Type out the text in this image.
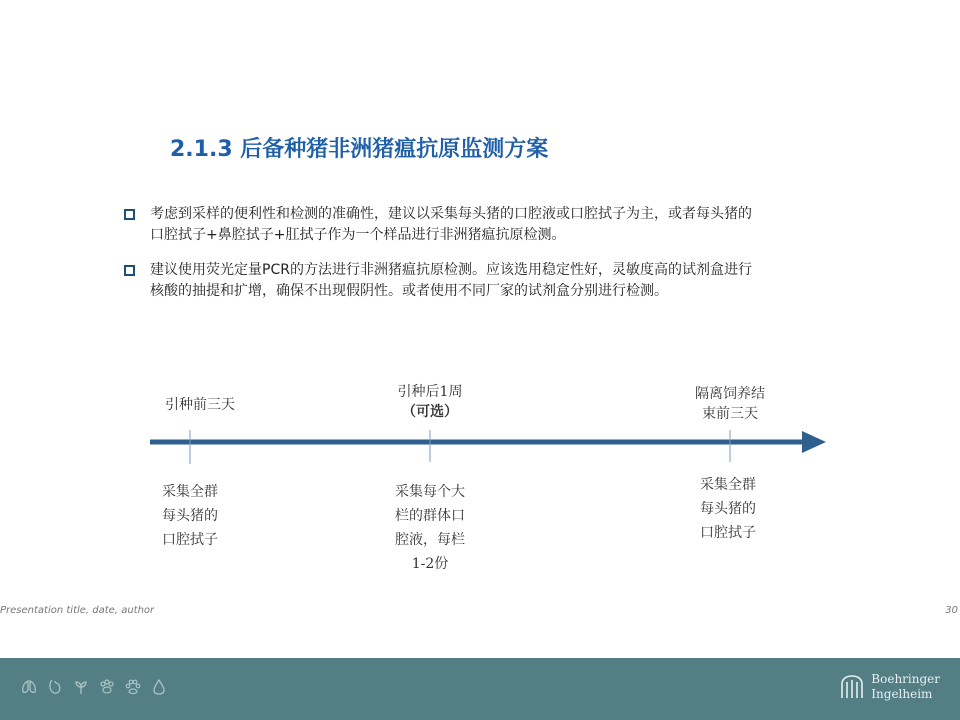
2.1.3 后备种猪非洲猪瘟抗原监测方案
考虑到采样的便利性和检测的准确性，建议以采集每头猪的口腔液或口腔拭子为主，或者每头猪的口腔拭子+鼻腔拭子+肛拭子作为一个样品进行非洲猪瘟抗原检测。
建议使用荧光定量PCR的方法进行非洲猪瘟抗原检测。应该选用稳定性好，灵敏度高的试剂盒进行核酸的抽提和扩增，确保不出现假阴性。或者使用不同厂家的试剂盒分别进行检测。
引种前三天
采集全群
每头猪的
口腔拭子
引种后1周
（可选）
采集每个大
栏的群体口
腔液，每栏
1-2份
隔离饲养结
束前三天
采集全群
每头猪的
口腔拭子
Presentation title, date, author	30
Boehringer
Ingelheim
